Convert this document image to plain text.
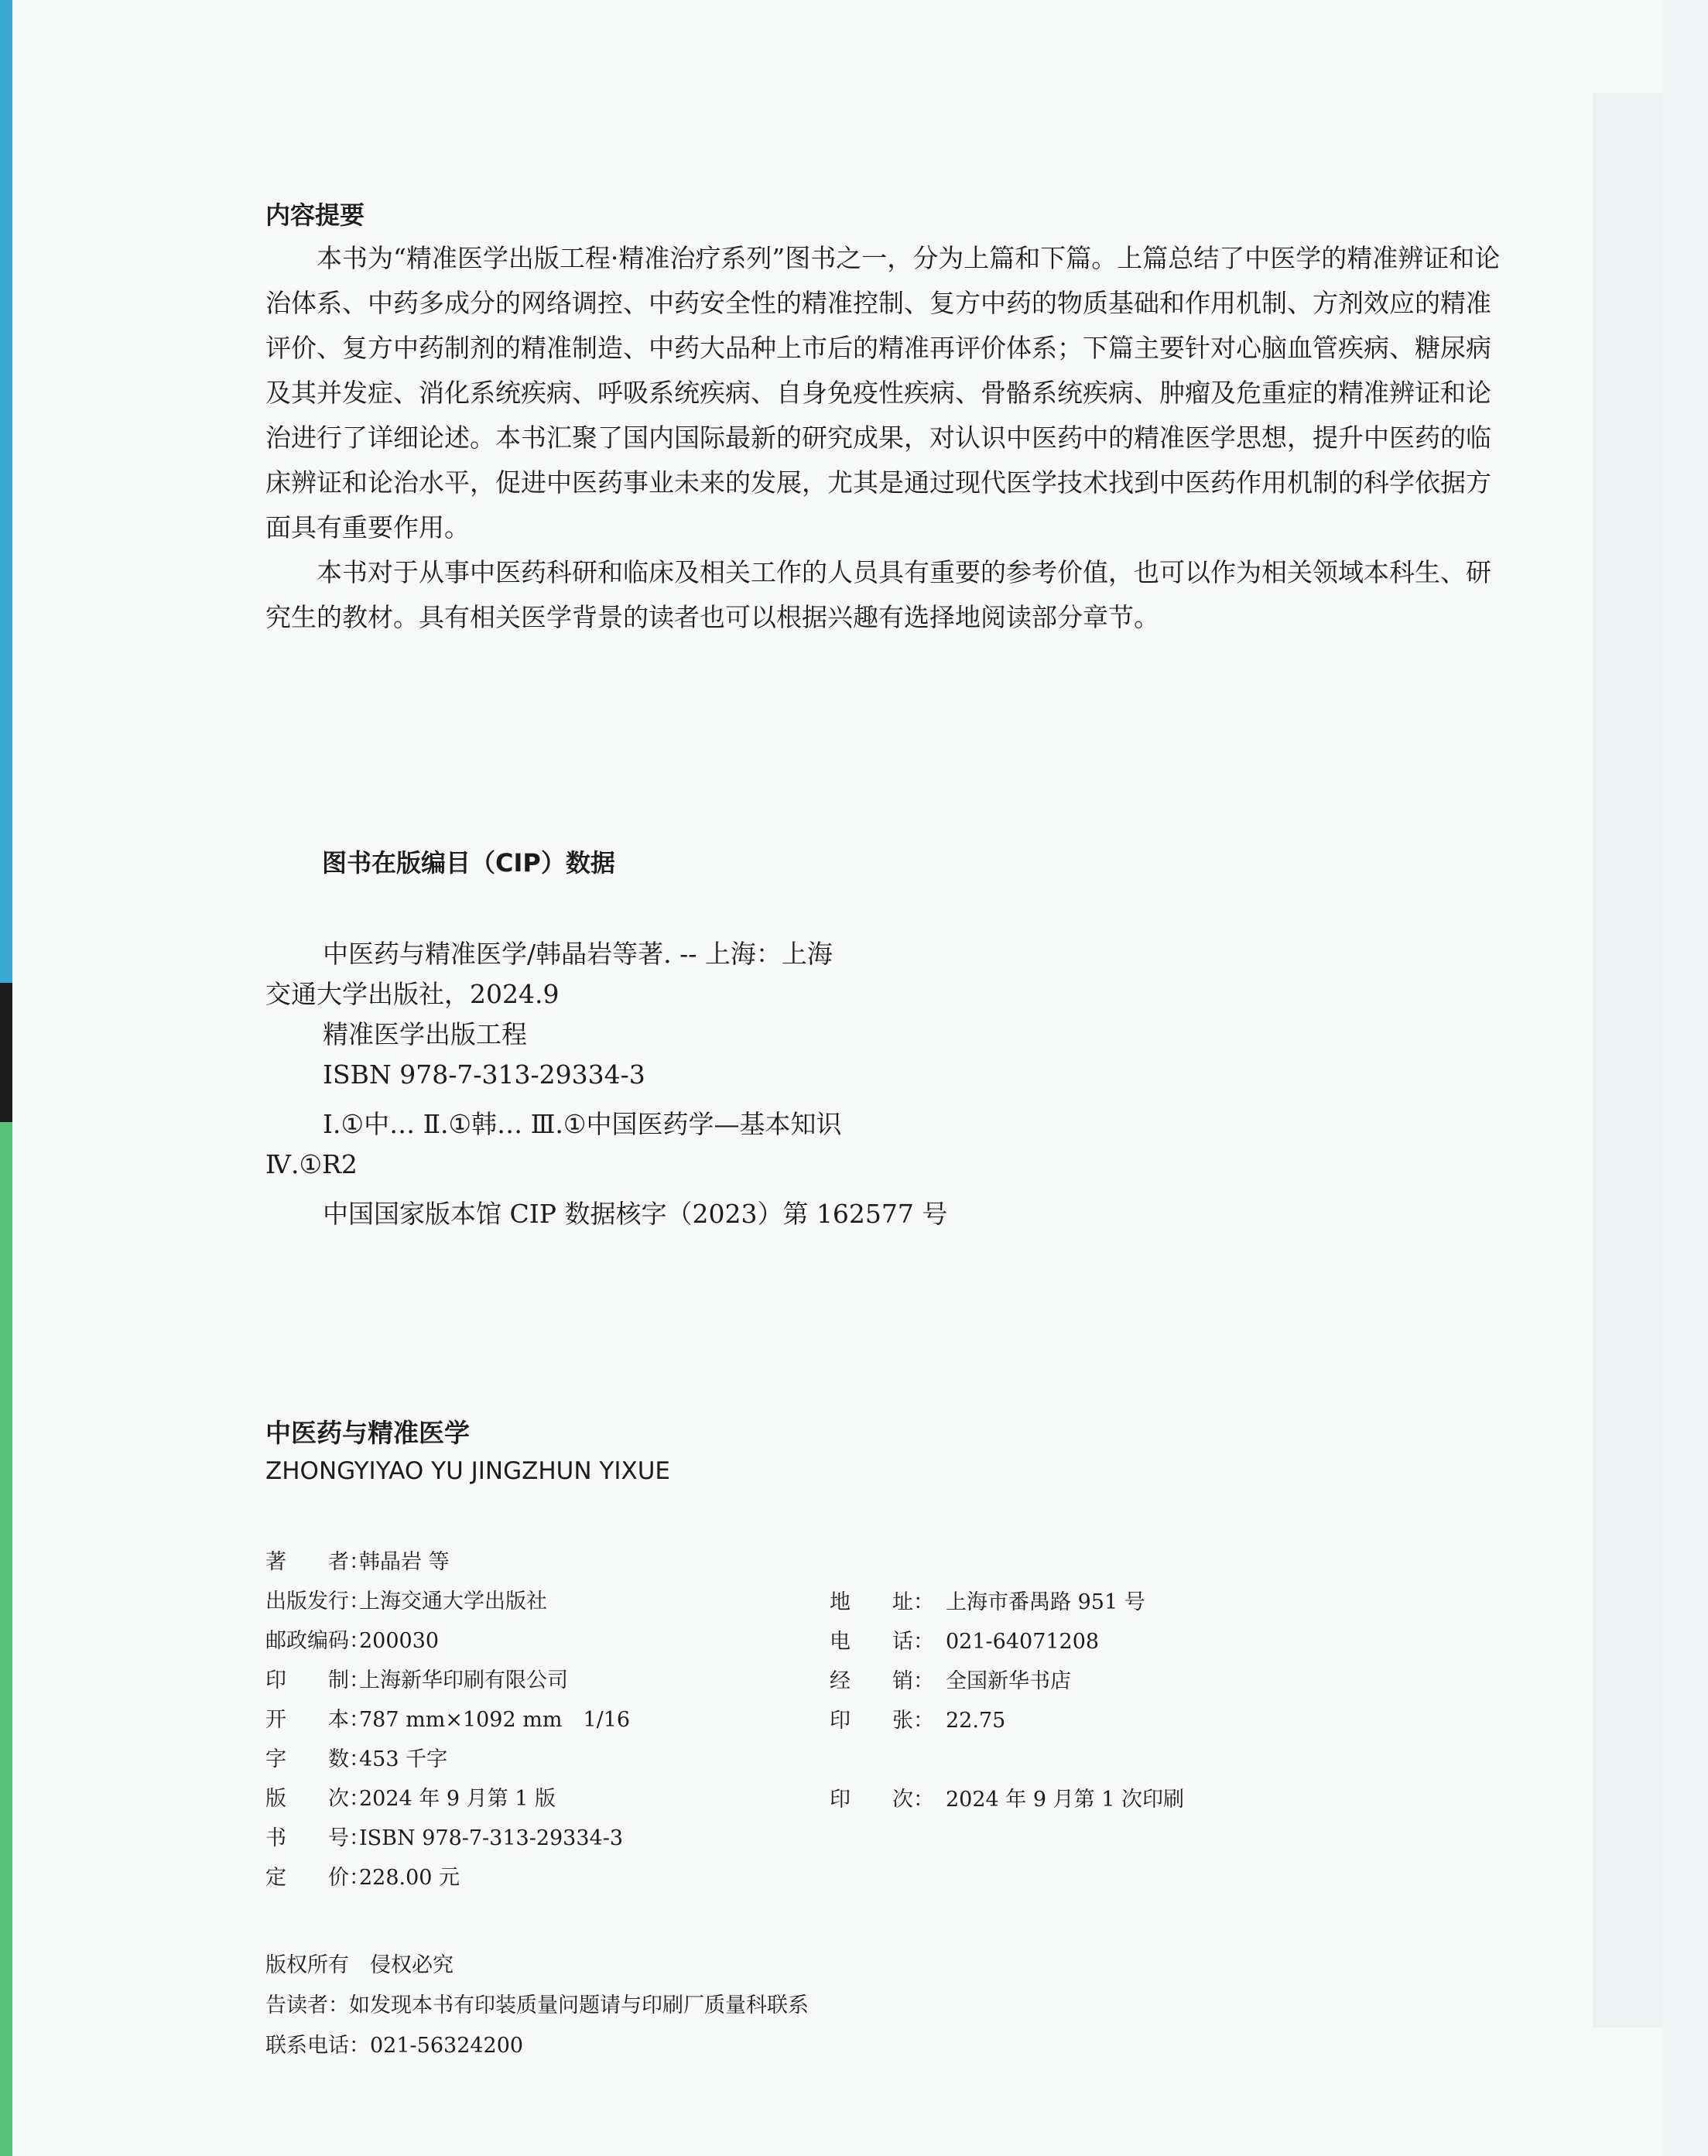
内容提要

本书为“精准医学出版工程·精准治疗系列”图书之一，分为上篇和下篇。上篇总结了中医学的精准辨证和论治体系、中药多成分的网络调控、中药安全性的精准控制、复方中药的物质基础和作用机制、方剂效应的精准评价、复方中药制剂的精准制造、中药大品种上市后的精准再评价体系；下篇主要针对心脑血管疾病、糖尿病及其并发症、消化系统疾病、呼吸系统疾病、自身免疫性疾病、骨骼系统疾病、肿瘤及危重症的精准辨证和论治进行了详细论述。本书汇聚了国内国际最新的研究成果，对认识中医药中的精准医学思想，提升中医药的临床辨证和论治水平，促进中医药事业未来的发展，尤其是通过现代医学技术找到中医药作用机制的科学依据方面具有重要作用。

本书对于从事中医药科研和临床及相关工作的人员具有重要的参考价值，也可以作为相关领域本科生、研究生的教材。具有相关医学背景的读者也可以根据兴趣有选择地阅读部分章节。

图书在版编目（CIP）数据
中医药与精准医学/韩晶岩等著. -- 上海：上海
交通大学出版社，2024.9
精准医学出版工程
ISBN 978-7-313-29334-3
Ⅰ.①中… Ⅱ.①韩… Ⅲ.①中国医药学—基本知识
Ⅳ.①R2
中国国家版本馆 CIP 数据核字（2023）第 162577 号
中医药与精准医学
ZHONGYIYAO YU JINGZHUN YIXUE
著　　者：韩晶岩 等
出版发行：上海交通大学出版社
邮政编码：200030
印　　制：上海新华印刷有限公司
开　　本：787 mm×1092 mm　1/16
字　　数：453 千字
版　　次：2024 年 9 月第 1 版
书　　号：ISBN 978-7-313-29334-3
定　　价：228.00 元
地　　址： 上海市番禺路 951 号
电　　话： 021-64071208
经　　销： 全国新华书店
印　　张： 22.75
印　　次： 2024 年 9 月第 1 次印刷
版权所有　侵权必究
告读者：如发现本书有印装质量问题请与印刷厂质量科联系
联系电话：021-56324200
